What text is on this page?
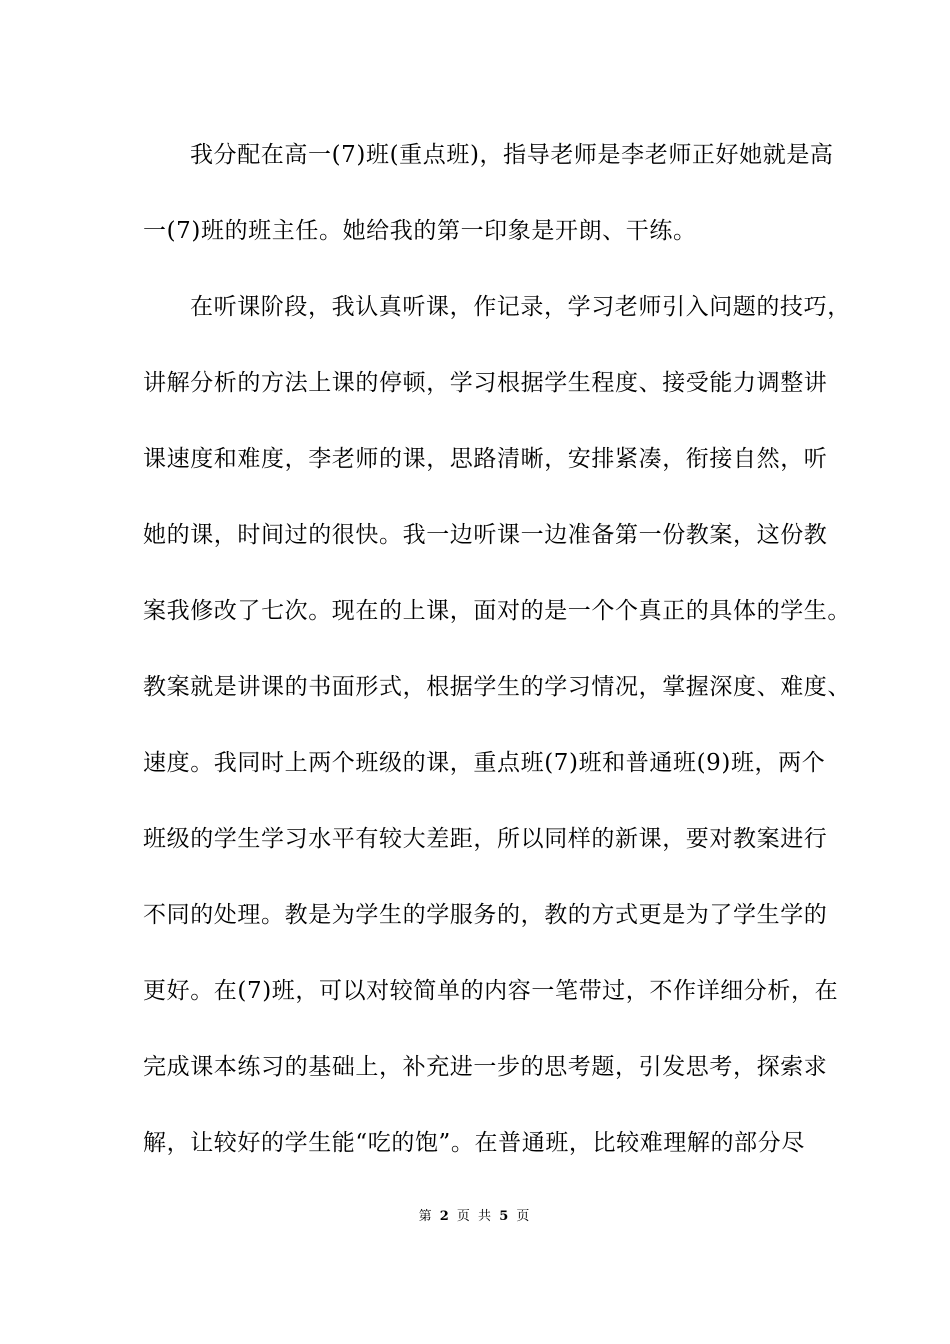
我分配在高一(7)班(重点班)，指导老师是李老师正好她就是高
一(7)班的班主任。她给我的第一印象是开朗、干练。
在听课阶段，我认真听课，作记录，学习老师引入问题的技巧，
讲解分析的方法上课的停顿，学习根据学生程度、接受能力调整讲
课速度和难度，李老师的课，思路清晰，安排紧凑，衔接自然，听
她的课，时间过的很快。我一边听课一边准备第一份教案，这份教
案我修改了七次。现在的上课，面对的是一个个真正的具体的学生。
教案就是讲课的书面形式，根据学生的学习情况，掌握深度、难度、
速度。我同时上两个班级的课，重点班(7)班和普通班(9)班，两个
班级的学生学习水平有较大差距，所以同样的新课，要对教案进行
不同的处理。教是为学生的学服务的，教的方式更是为了学生学的
更好。在(7)班，可以对较简单的内容一笔带过，不作详细分析，在
完成课本练习的基础上，补充进一步的思考题，引发思考，探索求
解，让较好的学生能“吃的饱”。在普通班，比较难理解的部分尽
第 2 页 共 5 页
